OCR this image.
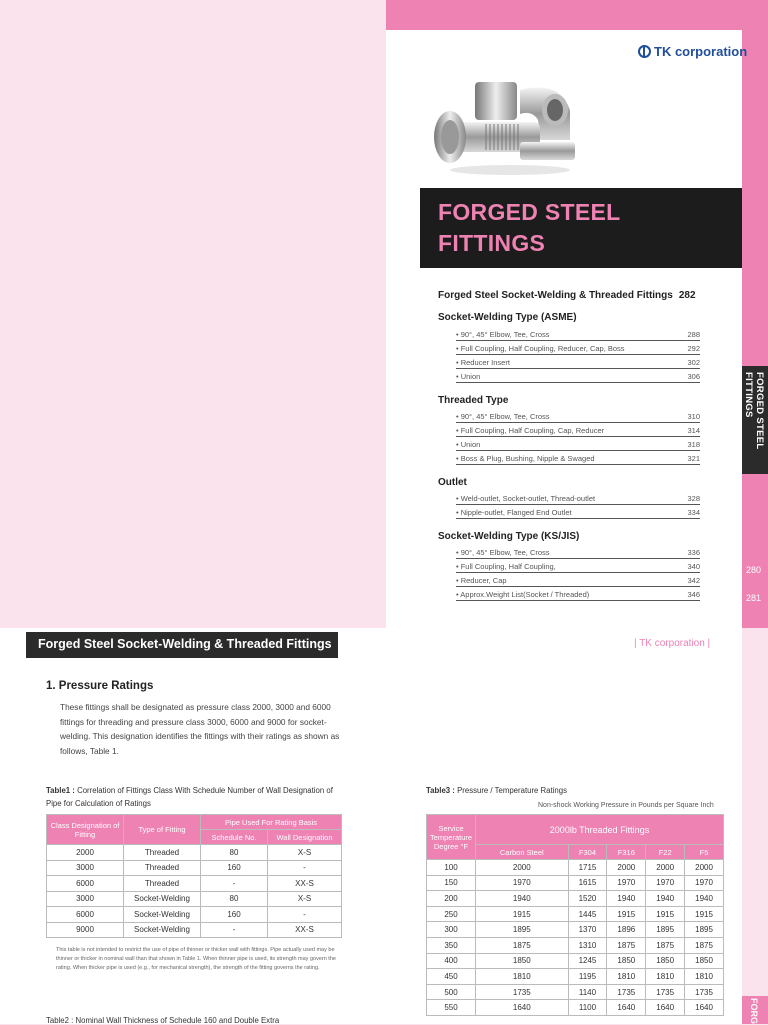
FORGED STEEL FITTINGS
280
281
TK corporation
FORGED STEEL
FITTINGS
Forged Steel Socket-Welding & Threaded Fittings 282
Socket-Welding Type (ASME)
• 90°, 45° Elbow, Tee, Cross	288
• Full Coupling, Half Coupling, Reducer, Cap, Boss	292
• Reducer Insert	302
• Union	306
Threaded Type
• 90°, 45° Elbow, Tee, Cross	310
• Full Coupling, Half Coupling, Cap, Reducer	314
• Union	318
• Boss & Plug, Bushing, Nipple & Swaged	321
Outlet
• Weld-outlet, Socket-outlet, Thread-outlet	328
• Nipple-outlet, Flanged End Outlet	334
Socket-Welding Type (KS/JIS)
• 90°, 45° Elbow, Tee, Cross	336
• Full Coupling, Half Coupling,	340
• Reducer, Cap	342
• Approx.Weight List(Socket / Threaded)	346
Forged Steel Socket-Welding & Threaded Fittings	| TK corporation |
1. Pressure Ratings
These fittings shall be designated as pressure class 2000, 3000 and 6000 fittings for threading and pressure class 3000, 6000 and 9000 for socket-welding. This designation identifies the fittings with their ratings as shown as follows, Table 1.
Table1 : Correlation of Fittings Class With Schedule Number of Wall Designation of Pipe for Calculation of Ratings
Class Designation of Fitting	Type of Fitting	Pipe Used For Rating Basis	
		Schedule No.	Wall Designation
2000	Threaded	80	X-S
3000	Threaded	160	-
6000	Threaded	-	XX-S
3000	Socket-Welding	80	X-S
6000	Socket-Welding	160	-
9000	Socket-Welding	-	XX-S
This table is not intended to restrict the use of pipe of thinner or thicker wall with fittings. Pipe actually used may be thinner or thicker in nominal wall than that shown in Table 1. When thinner pipe is used, its strength may govern the rating. When thicker pipe is used (e.g., for mechanical strength), the strength of the fitting governs the rating.
Table2 : Nominal Wall Thickness of Schedule 160 and Double Extra
Table3 : Pressure / Temperature Ratings
Non-shock Working Pressure in Pounds per Square Inch
Service Temperature Degree °F	2000lb Threaded Fittings				
	Carbon Steel	F304	F316	F22	F5
100	2000	1715	2000	2000	2000
150	1970	1615	1970	1970	1970
200	1940	1520	1940	1940	1940
250	1915	1445	1915	1915	1915
300	1895	1370	1896	1895	1895
350	1875	1310	1875	1875	1875
400	1850	1245	1850	1850	1850
450	1810	1195	1810	1810	1810
500	1735	1140	1735	1735	1735
550	1640	1100	1640	1640	1640	FORG
